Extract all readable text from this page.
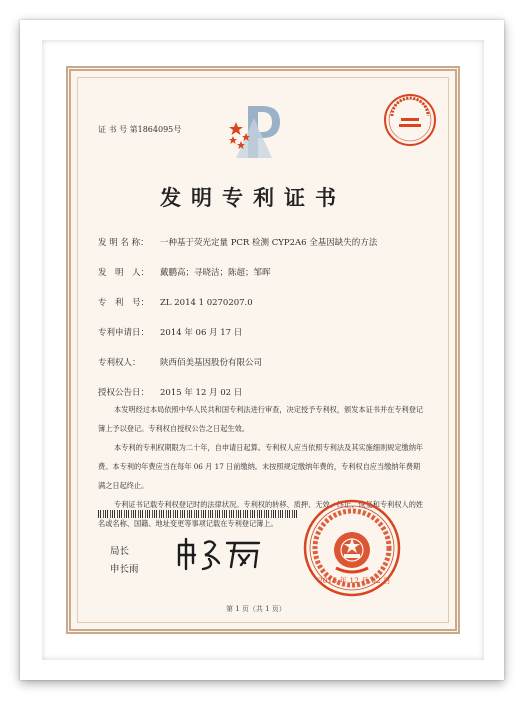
证 书 号 第1864095号
发明专利证书
发 明 名 称： 一种基于荧光定量 PCR 检测 CYP2A6 全基因缺失的方法
发　明　人： 戴鹏高；寻晓洁；陈超；邹晖
专　利　号： ZL 2014 1 0270207.0
专利申请日： 2014 年 06 月 17 日
专利权人： 陕西佰美基因股份有限公司
授权公告日： 2015 年 12 月 02 日

本发明经过本局依照中华人民共和国专利法进行审查，决定授予专利权，颁发本证书并在专利登记簿上予以登记。专利权自授权公告之日起生效。

本专利的专利权期限为二十年，自申请日起算。专利权人应当依照专利法及其实施细则规定缴纳年费。本专利的年费应当在每年 06 月 17 日前缴纳。未按照规定缴纳年费的，专利权自应当缴纳年费期满之日起终止。

专利证书记载专利权登记时的法律状况。专利权的转移、质押、无效、终止、恢复和专利权人的姓名或名称、国籍、地址变更等事项记载在专利登记簿上。

局长
申长雨
2015 年 12 月 02 日
第 1 页（共 1 页）
